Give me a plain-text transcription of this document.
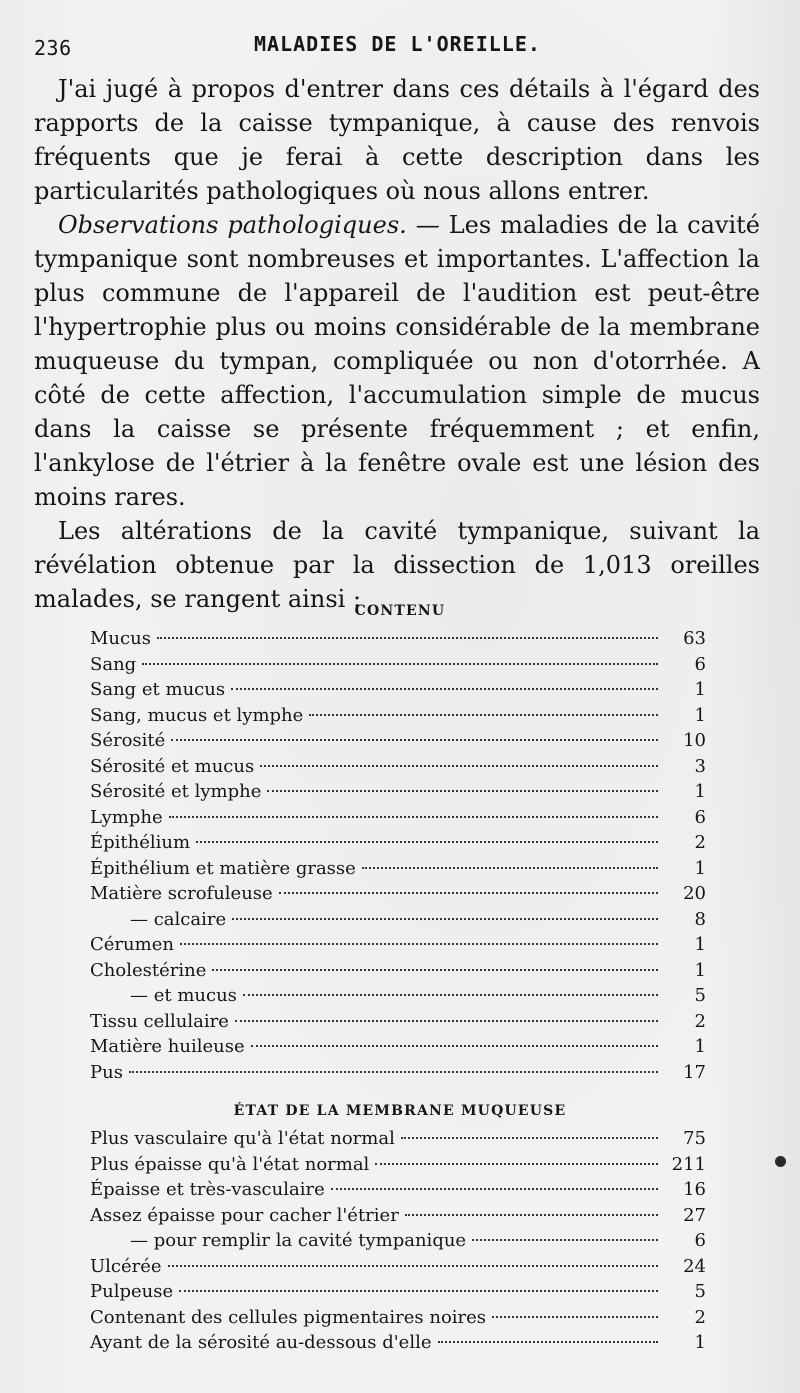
236	MALADIES DE L'OREILLE.

J'ai jugé à propos d'entrer dans ces détails à l'égard des rapports de la caisse tympanique, à cause des renvois fréquents que je ferai à cette description dans les particularités pathologiques où nous allons entrer.

Observations pathologiques. — Les maladies de la cavité tympanique sont nombreuses et importantes. L'affection la plus commune de l'appareil de l'audition est peut-être l'hypertrophie plus ou moins considérable de la membrane muqueuse du tympan, compliquée ou non d'otorrhée. A côté de cette affection, l'accumulation simple de mucus dans la caisse se présente fréquemment ; et enfin, l'ankylose de l'étrier à la fenêtre ovale est une lésion des moins rares.

Les altérations de la cavité tympanique, suivant la révélation obtenue par la dissection de 1,013 oreilles malades, se rangent ainsi :

CONTENU
Mucus	63
Sang	6
Sang et mucus	1
Sang, mucus et lymphe	1
Sérosité	10
Sérosité et mucus	3
Sérosité et lymphe	1
Lymphe	6
Épithélium	2
Épithélium et matière grasse	1
Matière scrofuleuse	20
— calcaire	8
Cérumen	1
Cholestérine	1
— et mucus	5
Tissu cellulaire	2
Matière huileuse	1
Pus	17
ÉTAT DE LA MEMBRANE MUQUEUSE
Plus vasculaire qu'à l'état normal	75
Plus épaisse qu'à l'état normal	211
Épaisse et très-vasculaire	16
Assez épaisse pour cacher l'étrier	27
— pour remplir la cavité tympanique	6
Ulcérée	24
Pulpeuse	5
Contenant des cellules pigmentaires noires	2
Ayant de la sérosité au-dessous d'elle	1
